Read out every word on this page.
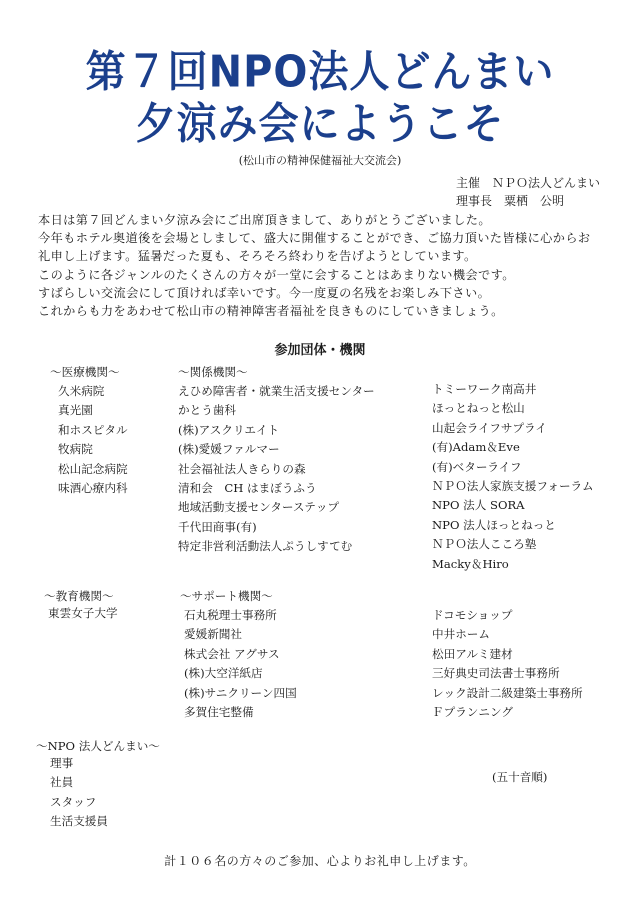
第７回NPO法人どんまい
夕涼み会にようこそ
(松山市の精神保健福祉大交流会)
主催　ＮＰＯ法人どんまい
理事長　粟栖　公明

本日は第７回どんまい夕涼み会にご出席頂きまして、ありがとうございました。

今年もホテル奥道後を会場としまして、盛大に開催することができ、ご協力頂いた皆様に心からお

礼申し上げます。猛暑だった夏も、そろそろ終わりを告げようとしています。

このように各ジャンルのたくさんの方々が一堂に会することはあまりない機会です。

すばらしい交流会にして頂ければ幸いです。今一度夏の名残をお楽しみ下さい。

これからも力をあわせて松山市の精神障害者福祉を良きものにしていきましょう。

参加団体・機関
～医療機関～
久米病院
真光園
和ホスピタル
牧病院
松山記念病院
味酒心療内科
～関係機関～
えひめ障害者・就業生活支援センター
かとう歯科
(株)アスクリエイト
(株)愛媛ファルマー
社会福祉法人きらりの森
清和会　CH はまぼうふう
地域活動支援センターステップ
千代田商事(有)
特定非営利活動法人ぷうしすてむ
トミーワーク南高井
ほっとねっと松山
山起会ライフサプライ
(有)Adam＆Eve
(有)ベターライフ
ＮＰＯ法人家族支援フォーラム
NPO 法人 SORA
NPO 法人ほっとねっと
ＮＰＯ法人こころ塾
Macky＆Hiro
～教育機関～
東雲女子大学
～サポート機関～
石丸税理士事務所
愛媛新聞社
株式会社 アグサス
(株)大空洋紙店
(株)サニクリーン四国
多賀住宅整備
ドコモショップ
中井ホーム
松田アルミ建材
三好典史司法書士事務所
レック設計二級建築士事務所
Ｆプランニング
～NPO 法人どんまい～
理事
社員
スタッフ
生活支援員
(五十音順)
計１０６名の方々のご参加、心よりお礼申し上げます。
